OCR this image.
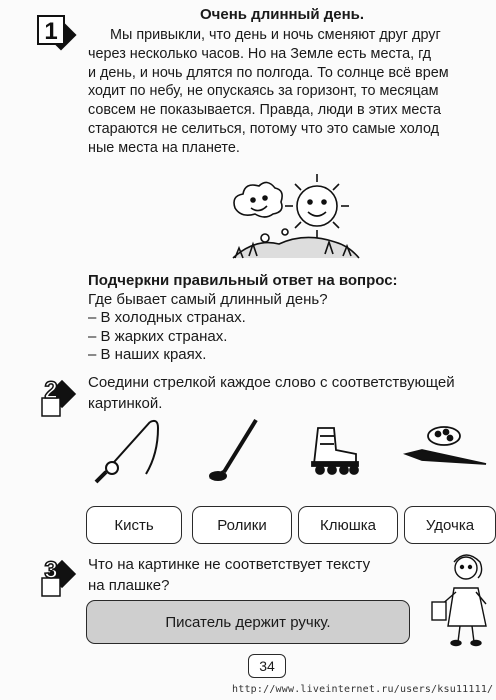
1
Очень длинный день.

Мы привыкли, что день и ночь сменяют друг друг
через несколько часов. Но на Земле есть места, гд
и день, и ночь длятся по полгода. То солнце всё врем
ходит по небу, не опускаясь за горизонт, то месяцам
совсем не показывается. Правда, люди в этих места
стараются не селиться, потому что это самые холод
ные места на планете.

Подчеркни правильный ответ на вопрос:

Где бывает самый длинный день?

– В холодных странах.
– В жарких странах.
– В наших краях.
2 Соедини стрелкой каждое слово с соответствующей
картинкой.
Кисть	Ролики	Клюшка	Удочка
3 Что на картинке не соответствует тексту
на плашке?
Писатель держит ручку.
34
http://www.liveinternet.ru/users/ksu11111/
